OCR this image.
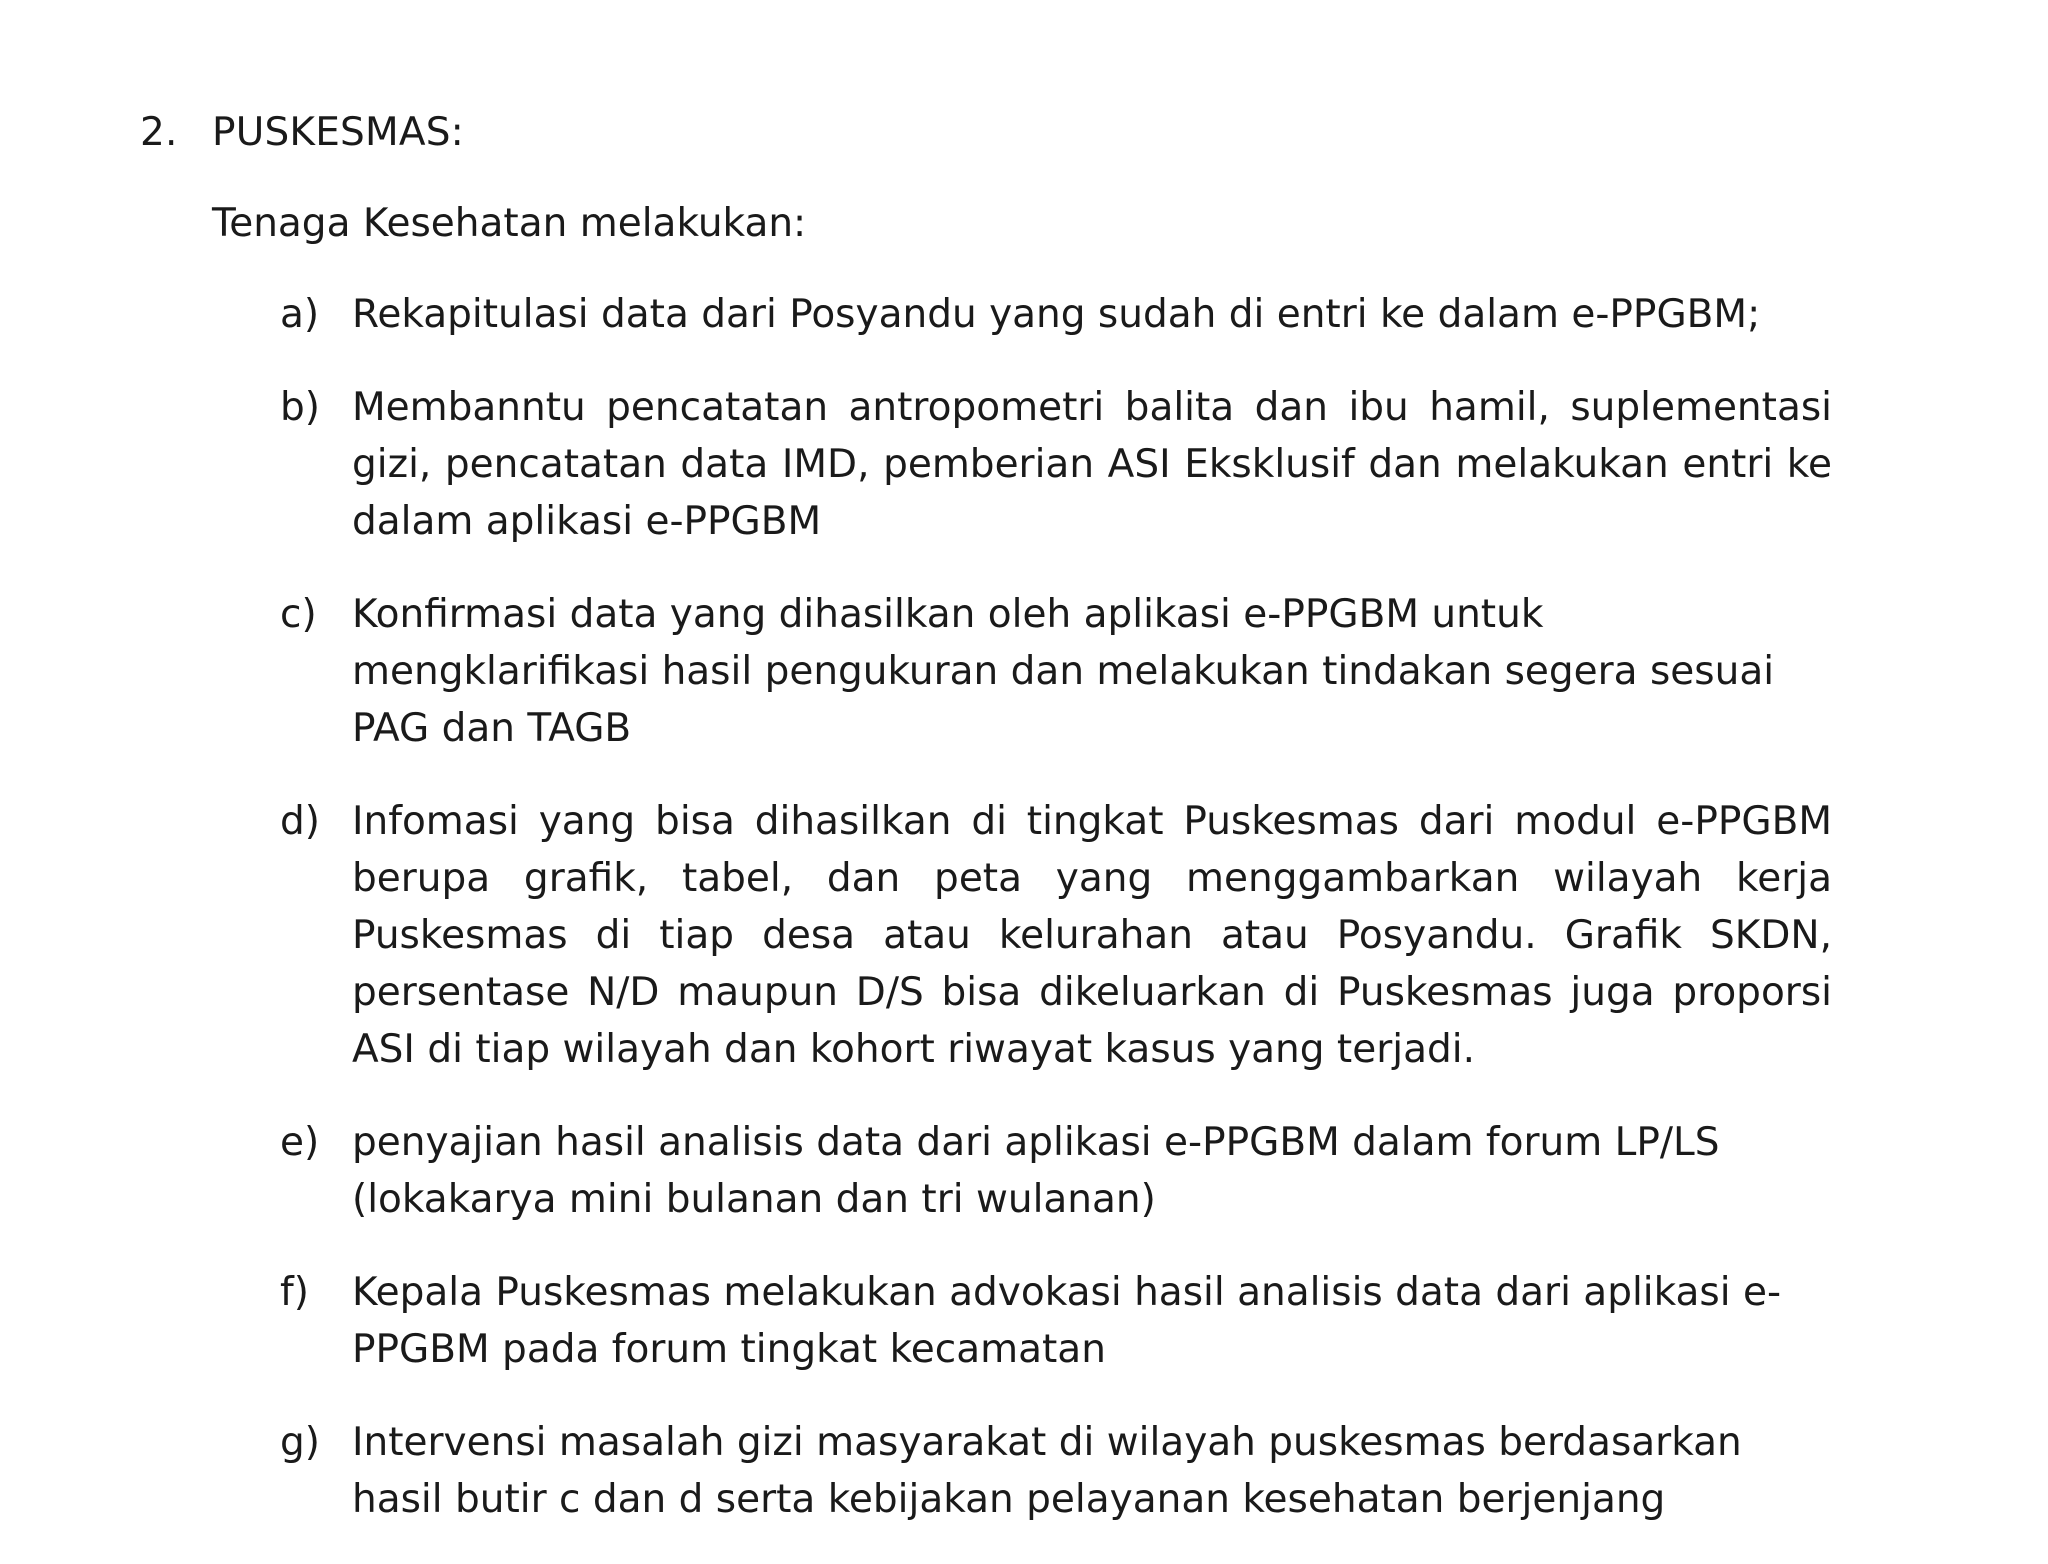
2. PUSKESMAS:
Tenaga Kesehatan melakukan:
a) Rekapitulasi data dari Posyandu yang sudah di entri ke dalam e-PPGBM;
b) Membanntu pencatatan antropometri balita dan ibu hamil, suplementasi gizi, pencatatan data IMD, pemberian ASI Eksklusif dan melakukan entri ke dalam aplikasi e-PPGBM
c) Konfirmasi data yang dihasilkan oleh aplikasi e-PPGBM untuk mengklarifikasi hasil pengukuran dan melakukan tindakan segera sesuai PAG dan TAGB
d) Infomasi yang bisa dihasilkan di tingkat Puskesmas dari modul e-PPGBM berupa grafik, tabel, dan peta yang menggambarkan wilayah kerja Puskesmas di tiap desa atau kelurahan atau Posyandu. Grafik SKDN, persentase N/D maupun D/S bisa dikeluarkan di Puskesmas juga proporsi ASI di tiap wilayah dan kohort riwayat kasus yang terjadi.
e) penyajian hasil analisis data dari aplikasi e-PPGBM dalam forum LP/LS (lokakarya mini bulanan dan tri wulanan)
f) Kepala Puskesmas melakukan advokasi hasil analisis data dari aplikasi e-PPGBM pada forum tingkat kecamatan
g) Intervensi masalah gizi masyarakat di wilayah puskesmas berdasarkan hasil butir c dan d serta kebijakan pelayanan kesehatan berjenjang
